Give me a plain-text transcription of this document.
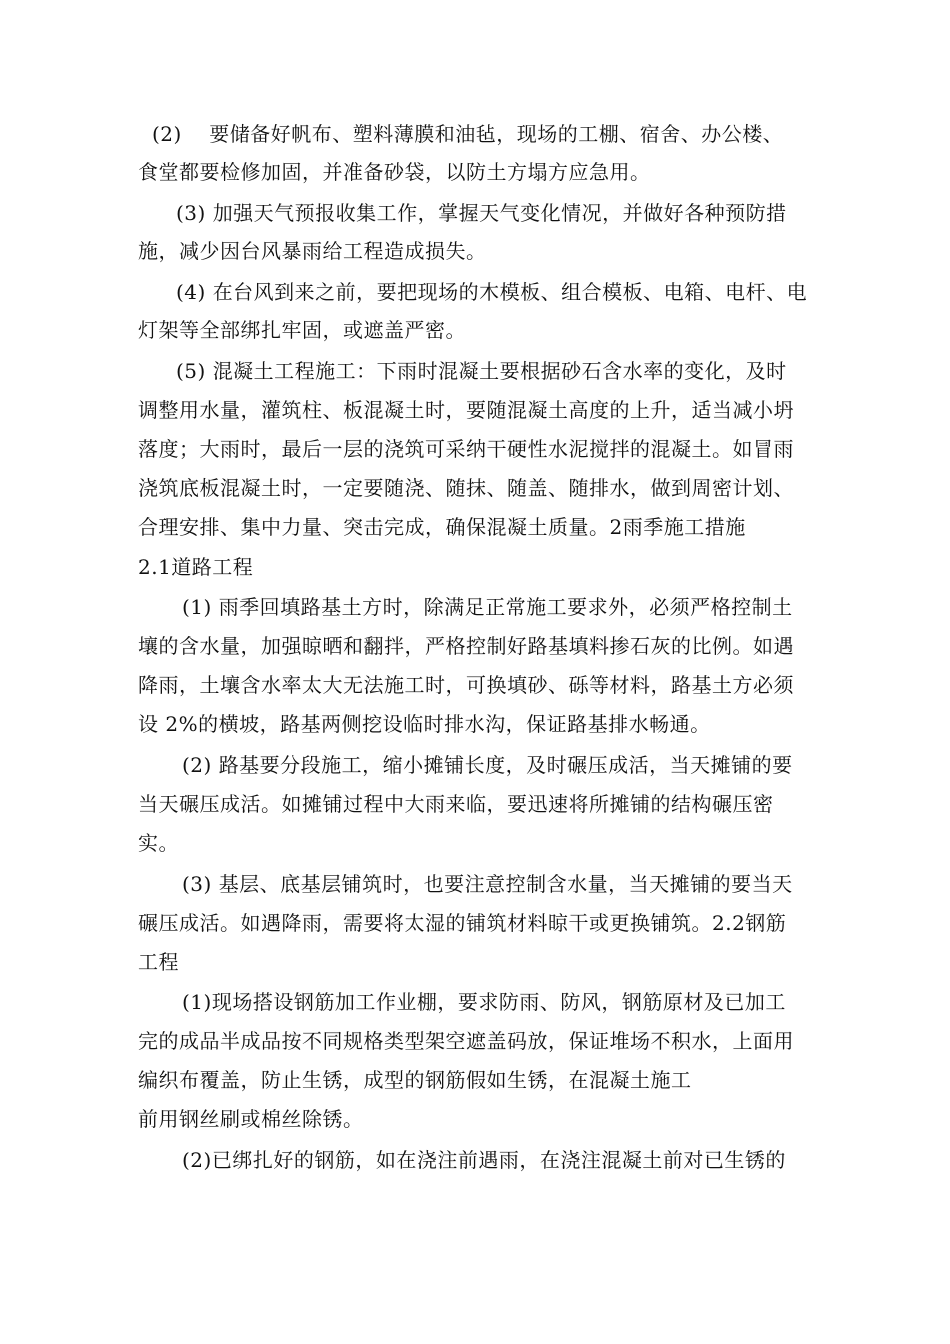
(2)    要储备好帆布、塑料薄膜和油毡，现场的工棚、宿舍、办公楼、
食堂都要检修加固，并准备砂袋，以防土方塌方应急用。
(3) 加强天气预报收集工作，掌握天气变化情况，并做好各种预防措
施，减少因台风暴雨给工程造成损失。
(4) 在台风到来之前，要把现场的木模板、组合模板、电箱、电杆、电
灯架等全部绑扎牢固，或遮盖严密。
(5) 混凝土工程施工：下雨时混凝土要根据砂石含水率的变化，及时
调整用水量，灌筑柱、板混凝土时，要随混凝土高度的上升，适当减小坍
落度；大雨时，最后一层的浇筑可采纳干硬性水泥搅拌的混凝土。如冒雨
浇筑底板混凝土时，一定要随浇、随抹、随盖、随排水，做到周密计划、
合理安排、集中力量、突击完成，确保混凝土质量。2雨季施工措施
2.1道路工程
(1) 雨季回填路基土方时，除满足正常施工要求外，必须严格控制土
壤的含水量，加强晾晒和翻拌，严格控制好路基填料掺石灰的比例。如遇
降雨，土壤含水率太大无法施工时，可换填砂、砾等材料，路基土方必须
设 2%的横坡，路基两侧挖设临时排水沟，保证路基排水畅通。
(2) 路基要分段施工，缩小摊铺长度，及时碾压成活，当天摊铺的要
当天碾压成活。如摊铺过程中大雨来临，要迅速将所摊铺的结构碾压密
实。
(3) 基层、底基层铺筑时，也要注意控制含水量，当天摊铺的要当天
碾压成活。如遇降雨，需要将太湿的铺筑材料晾干或更换铺筑。2.2钢筋
工程
(1)现场搭设钢筋加工作业棚，要求防雨、防风，钢筋原材及已加工
完的成品半成品按不同规格类型架空遮盖码放，保证堆场不积水，上面用
编织布覆盖，防止生锈，成型的钢筋假如生锈，在混凝土施工
前用钢丝刷或棉丝除锈。
(2)已绑扎好的钢筋，如在浇注前遇雨，在浇注混凝土前对已生锈的
